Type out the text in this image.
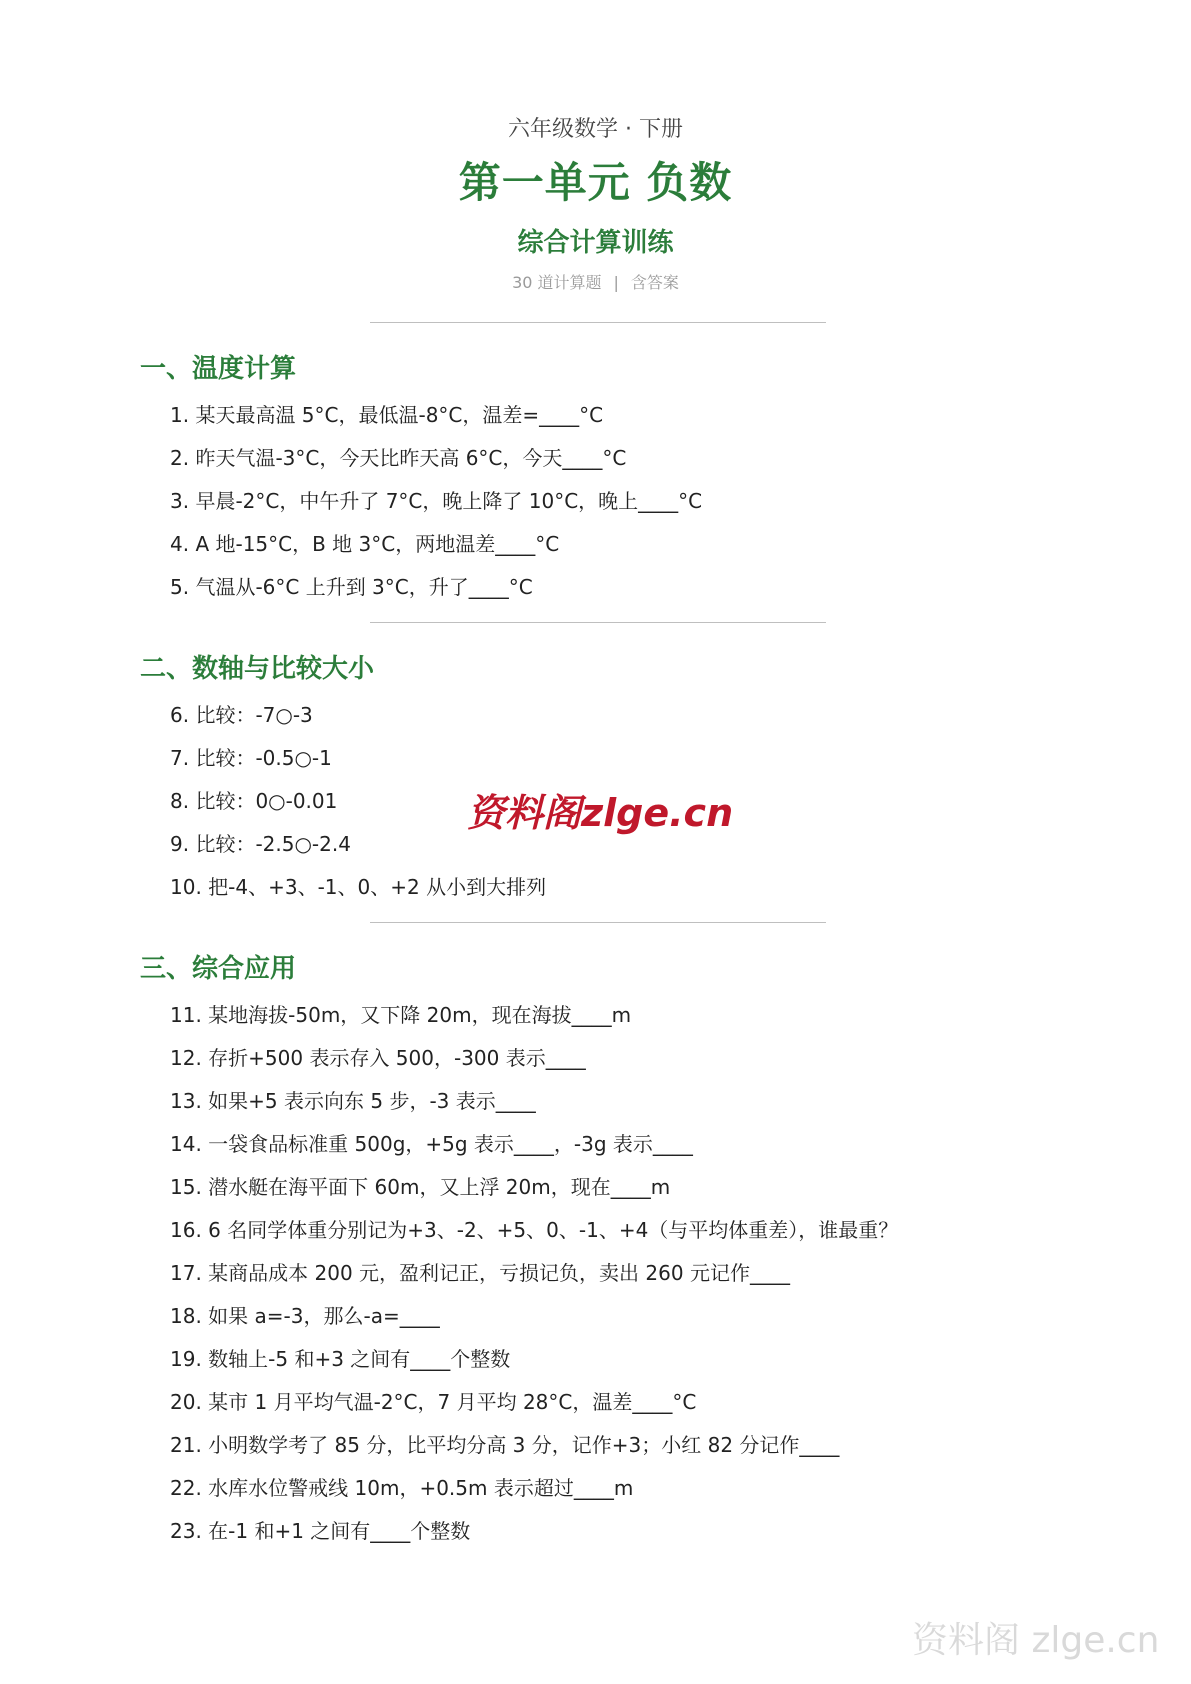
六年级数学 · 下册
第一单元 负数
综合计算训练
30 道计算题 | 含答案
一、温度计算
1. 某天最高温 5°C，最低温-8°C，温差=____°C
2. 昨天气温-3°C，今天比昨天高 6°C，今天____°C
3. 早晨-2°C，中午升了 7°C，晚上降了 10°C，晚上____°C
4. A 地-15°C，B 地 3°C，两地温差____°C
5. 气温从-6°C 上升到 3°C，升了____°C
二、数轴与比较大小
6. 比较：-7○-3
7. 比较：-0.5○-1
8. 比较：0○-0.01
9. 比较：-2.5○-2.4
10. 把-4、+3、-1、0、+2 从小到大排列
三、综合应用
11. 某地海拔-50m，又下降 20m，现在海拔____m
12. 存折+500 表示存入 500，-300 表示____
13. 如果+5 表示向东 5 步，-3 表示____
14. 一袋食品标准重 500g，+5g 表示____，-3g 表示____
15. 潜水艇在海平面下 60m，又上浮 20m，现在____m
16. 6 名同学体重分别记为+3、-2、+5、0、-1、+4（与平均体重差），谁最重？
17. 某商品成本 200 元，盈利记正，亏损记负，卖出 260 元记作____
18. 如果 a=-3，那么-a=____
19. 数轴上-5 和+3 之间有____个整数
20. 某市 1 月平均气温-2°C，7 月平均 28°C，温差____°C
21. 小明数学考了 85 分，比平均分高 3 分，记作+3；小红 82 分记作____
22. 水库水位警戒线 10m，+0.5m 表示超过____m
23. 在-1 和+1 之间有____个整数
资料阁zlge.cn
资料阁 zlge.cn
